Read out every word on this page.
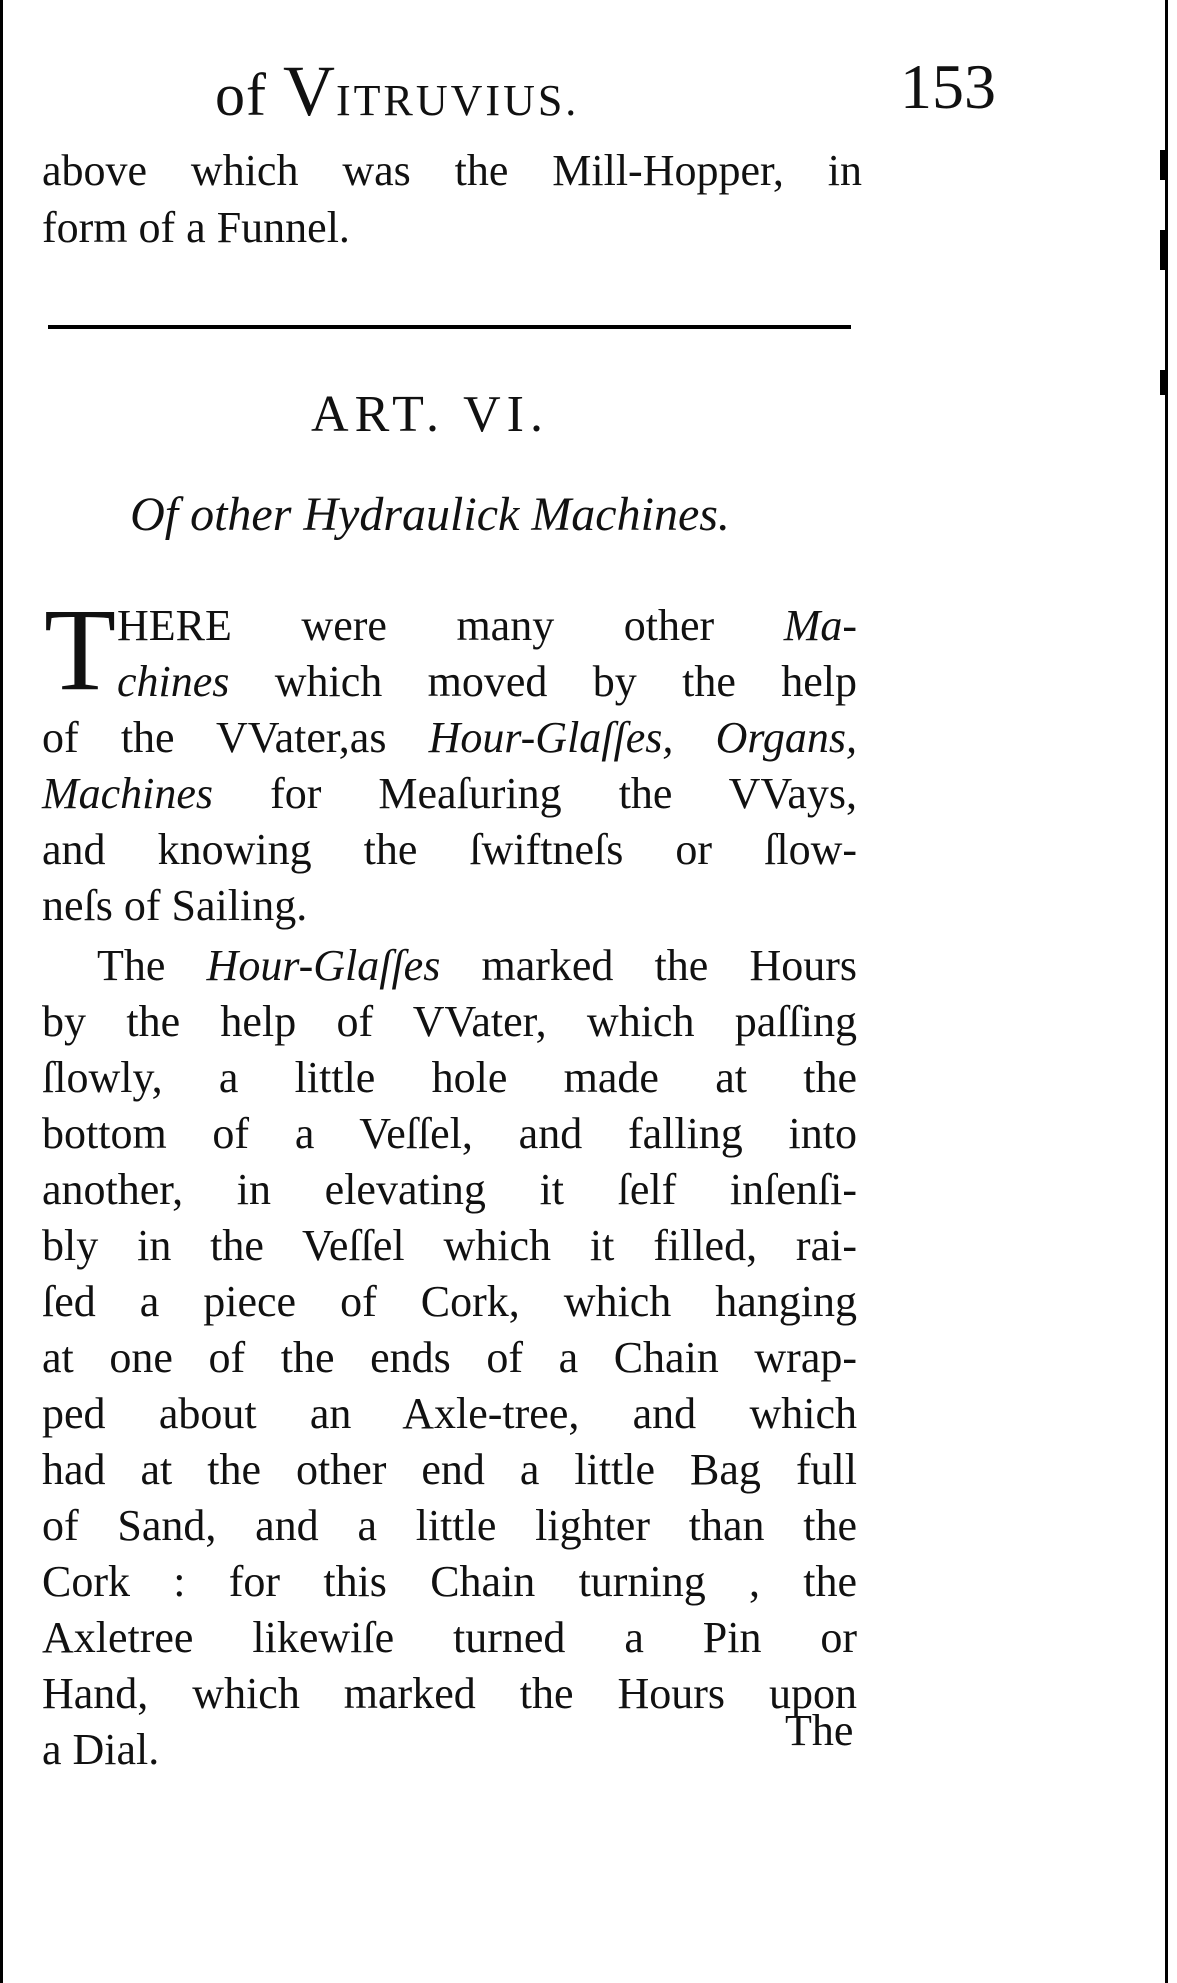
of VITRUVIUS.	153
above which was the Mill-Hopper, in
form of a Funnel.
ART. VI.
Of other Hydraulick Machines.
T HERE were many other Ma-
chines which moved by the help
of the VVater,as Hour-Glaſſes, Organs,
Machines for Meaſuring the VVays,
and knowing the ſwiftneſs or ſlow-
neſs of Sailing.
The Hour-Glaſſes marked the Hours
by the help of VVater, which paſſing
ſlowly, a little hole made at the
bottom of a Veſſel, and falling into
another, in elevating it ſelf inſenſi-
bly in the Veſſel which it filled, rai-
ſed a piece of Cork, which hanging
at one of the ends of a Chain wrap-
ped about an Axle-tree, and which
had at the other end a little Bag full
of Sand, and a little lighter than the
Cork : for this Chain turning , the
Axletree likewiſe turned a Pin or
Hand, which marked the Hours upon
a Dial.	The
